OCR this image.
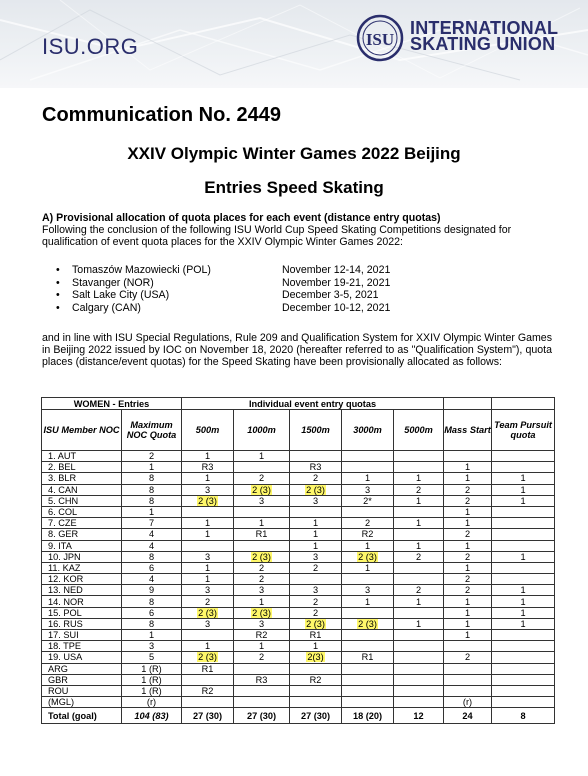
ISU.ORG	ISU
INTERNATIONAL
SKATING UNION
Communication No. 2449
XXIV Olympic Winter Games 2022 Beijing
Entries Speed Skating
A) Provisional allocation of quota places for each event (distance entry quotas)
Following the conclusion of the following ISU World Cup Speed Skating Competitions designated for qualification of event quota places for the XXIV Olympic Winter Games 2022:
•	Tomaszów Mazowiecki (POL)	November 12-14, 2021
•	Stavanger (NOR)	November 19-21, 2021
•	Salt Lake City (USA)	December 3-5, 2021
•	Calgary (CAN)	December 10-12, 2021
and in line with ISU Special Regulations, Rule 209 and Qualification System for XXIV Olympic Winter Games in Beijing 2022 issued by IOC on November 18, 2020 (hereafter referred to as "Qualification System"), quota places (distance/event quotas) for the Speed Skating have been provisionally allocated as follows:
WOMEN - Entries		Individual event entry quotas						
ISU Member NOC	Maximum NOC Quota	500m	1000m	1500m	3000m	5000m	Mass Start	Team Pursuit quota
1. AUT	2	1	1					
2. BEL	1	R3		R3			1	
3. BLR	8	1	2	2	1	1	1	1
4. CAN	8	3	2 (3)	2 (3)	3	2	2	1
5. CHN	8	2 (3)	3	3	2*	1	2	1
6. COL	1						1	
7. CZE	7	1	1	1	2	1	1	
8. GER	4	1	R1	1	R2		2	
9. ITA	4			1	1	1	1	
10. JPN	8	3	2 (3)	3	2 (3)	2	2	1
11. KAZ	6	1	2	2	1		1	
12. KOR	4	1	2				2	
13. NED	9	3	3	3	3	2	2	1
14. NOR	8	2	1	2	1	1	1	1
15. POL	6	2 (3)	2 (3)	2			1	1
16. RUS	8	3	3	2 (3)	2 (3)	1	1	1
17. SUI	1		R2	R1			1	
18. TPE	3	1	1	1				
19. USA	5	2 (3)	2	2(3)	R1		2	
ARG	1 (R)	R1						
GBR	1 (R)		R3	R2				
ROU	1 (R)	R2						
(MGL)	(r)						(r)	
Total (goal)	104 (83)	27 (30)	27 (30)	27 (30)	18 (20)	12	24	8
